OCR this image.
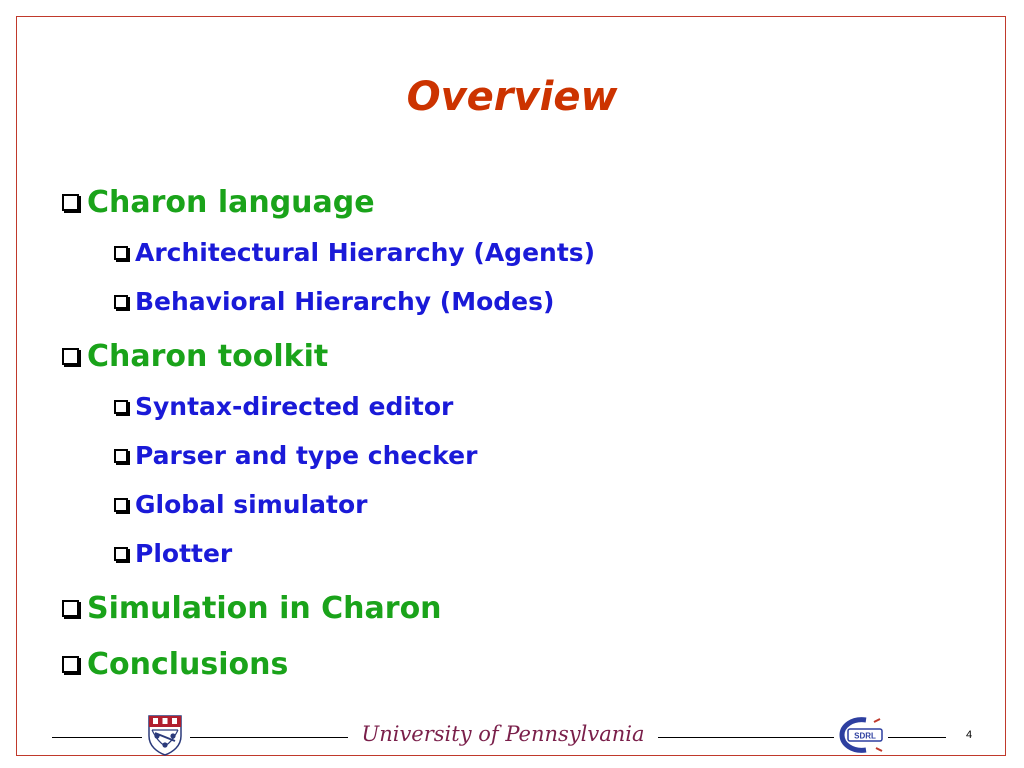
Overview
Charon language
Architectural Hierarchy (Agents)
Behavioral Hierarchy (Modes)
Charon toolkit
Syntax-directed editor
Parser and type checker
Global simulator
Plotter
Simulation in Charon
Conclusions
University of Pennsylvania	SDRL	4
